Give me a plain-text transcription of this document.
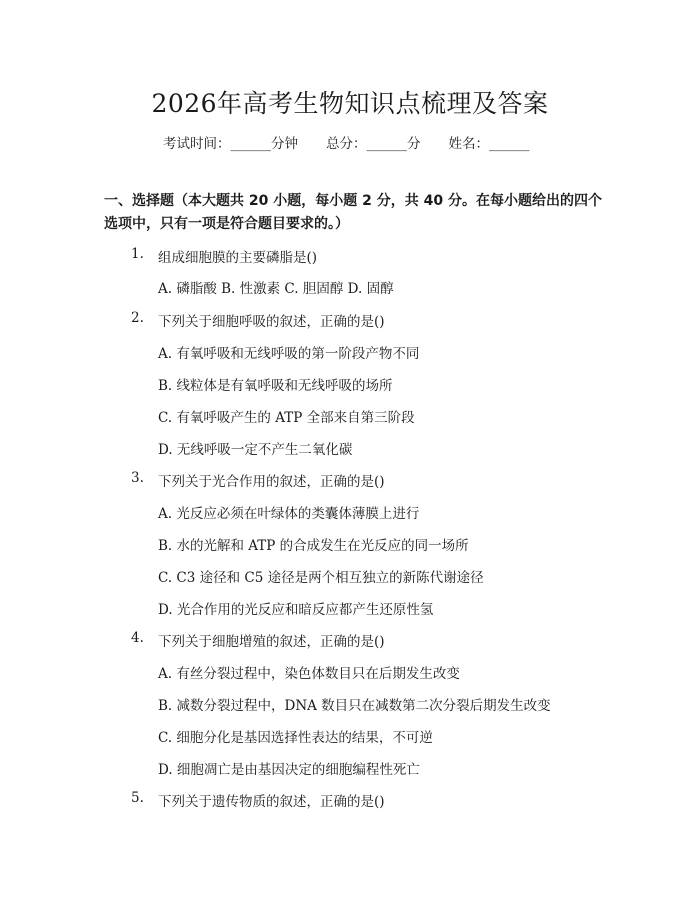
2026年高考生物知识点梳理及答案
考试时间：______分钟 总分：______分 姓名：______
一、选择题（本大题共 20 小题，每小题 2 分，共 40 分。在每小题给出的四个选项中，只有一项是符合题目要求的。）
1. 组成细胞膜的主要磷脂是()
A. 磷脂酸 B. 性激素 C. 胆固醇 D. 固醇
2. 下列关于细胞呼吸的叙述，正确的是()
A. 有氧呼吸和无线呼吸的第一阶段产物不同
B. 线粒体是有氧呼吸和无线呼吸的场所
C. 有氧呼吸产生的 ATP 全部来自第三阶段
D. 无线呼吸一定不产生二氧化碳
3. 下列关于光合作用的叙述，正确的是()
A. 光反应必须在叶绿体的类囊体薄膜上进行
B. 水的光解和 ATP 的合成发生在光反应的同一场所
C. C3 途径和 C5 途径是两个相互独立的新陈代谢途径
D. 光合作用的光反应和暗反应都产生还原性氢
4. 下列关于细胞增殖的叙述，正确的是()
A. 有丝分裂过程中，染色体数目只在后期发生改变
B. 减数分裂过程中，DNA 数目只在减数第二次分裂后期发生改变
C. 细胞分化是基因选择性表达的结果，不可逆
D. 细胞凋亡是由基因决定的细胞编程性死亡
5. 下列关于遗传物质的叙述，正确的是()
